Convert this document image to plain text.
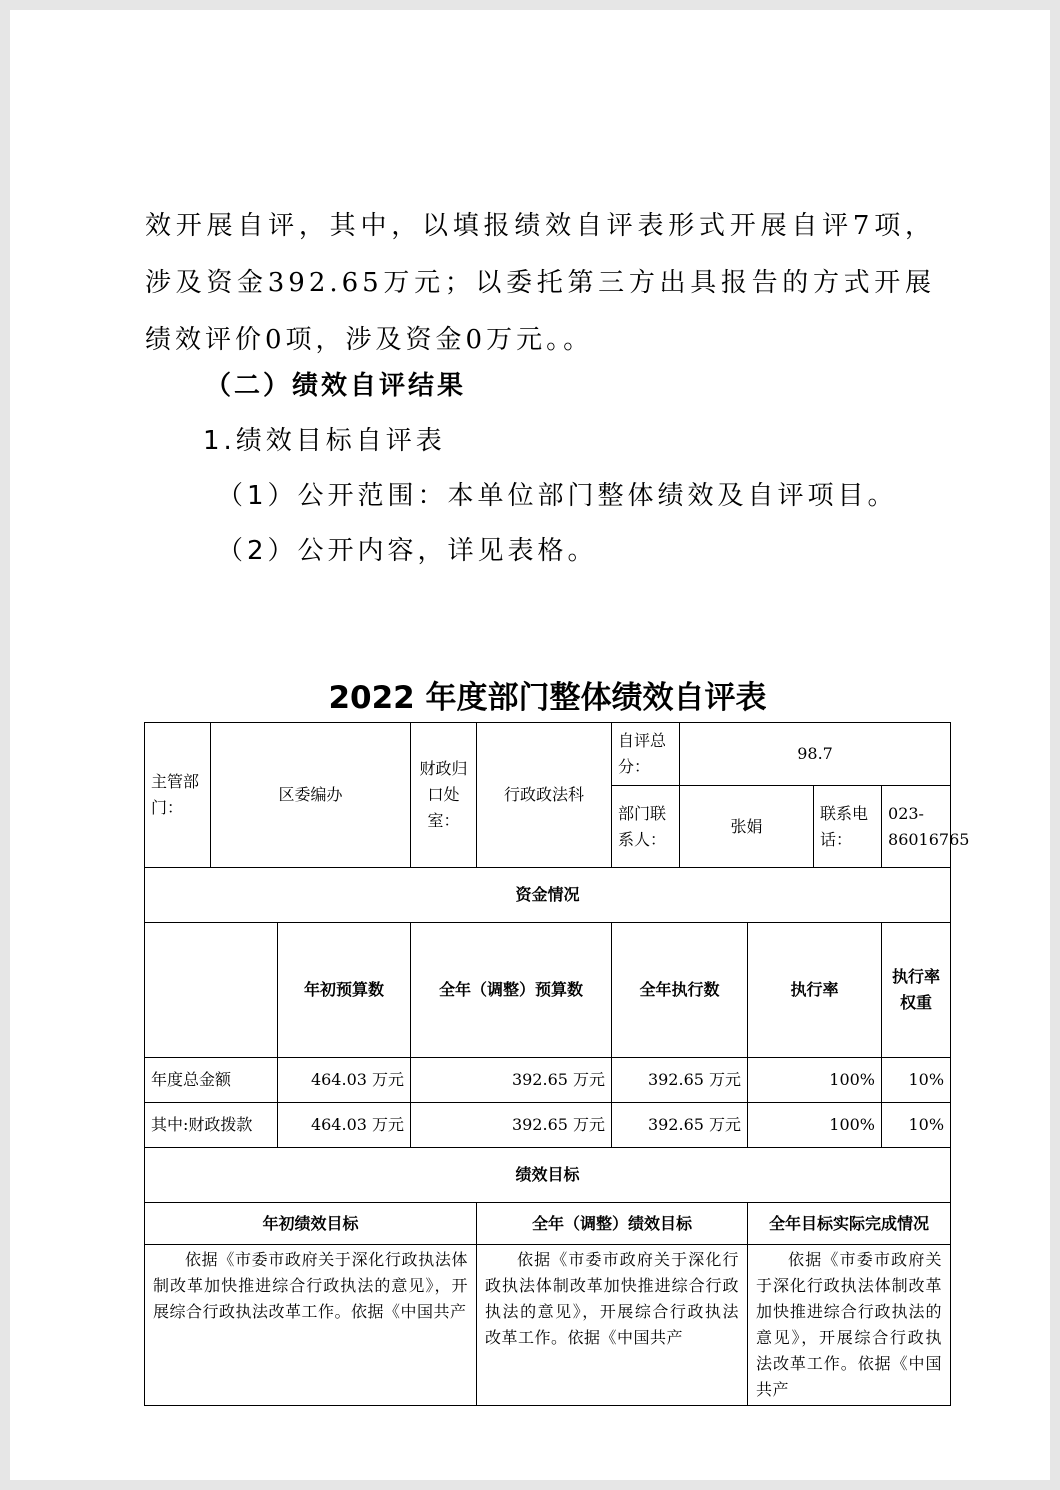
效开展自评，其中，以填报绩效自评表形式开展自评7项，涉及资金392.65万元；以委托第三方出具报告的方式开展绩效评价0项，涉及资金0万元。。
（二）绩效自评结果
1.绩效目标自评表
（1）公开范围：本单位部门整体绩效及自评项目。
（2）公开内容，详见表格。
2022 年度部门整体绩效自评表
主管部门：	区委编办		财政归口处室：	行政政法科	自评总分：	98.7				
					部门联系人：	张娟		联系电话：	023-86016765	
资金情况										
		年初预算数	全年（调整）预算数		全年执行数		执行率		执行率权重	
年度总金额		464.03 万元	392.65 万元		392.65 万元		100%		10%	
其中:财政拨款		464.03 万元	392.65 万元		392.65 万元		100%		10%	
绩效目标										
年初绩效目标				全年（调整）绩效目标			全年目标实际完成情况			
依据《市委市政府关于深化行政执法体制改革加快推进综合行政执法的意见》，开展综合行政执法改革工作。依据《中国共产				依据《市委市政府关于深化行政执法体制改革加快推进综合行政执法的意见》，开展综合行政执法改革工作。依据《中国共产			依据《市委市政府关于深化行政执法体制改革加快推进综合行政执法的意见》，开展综合行政执法改革工作。依据《中国共产			
